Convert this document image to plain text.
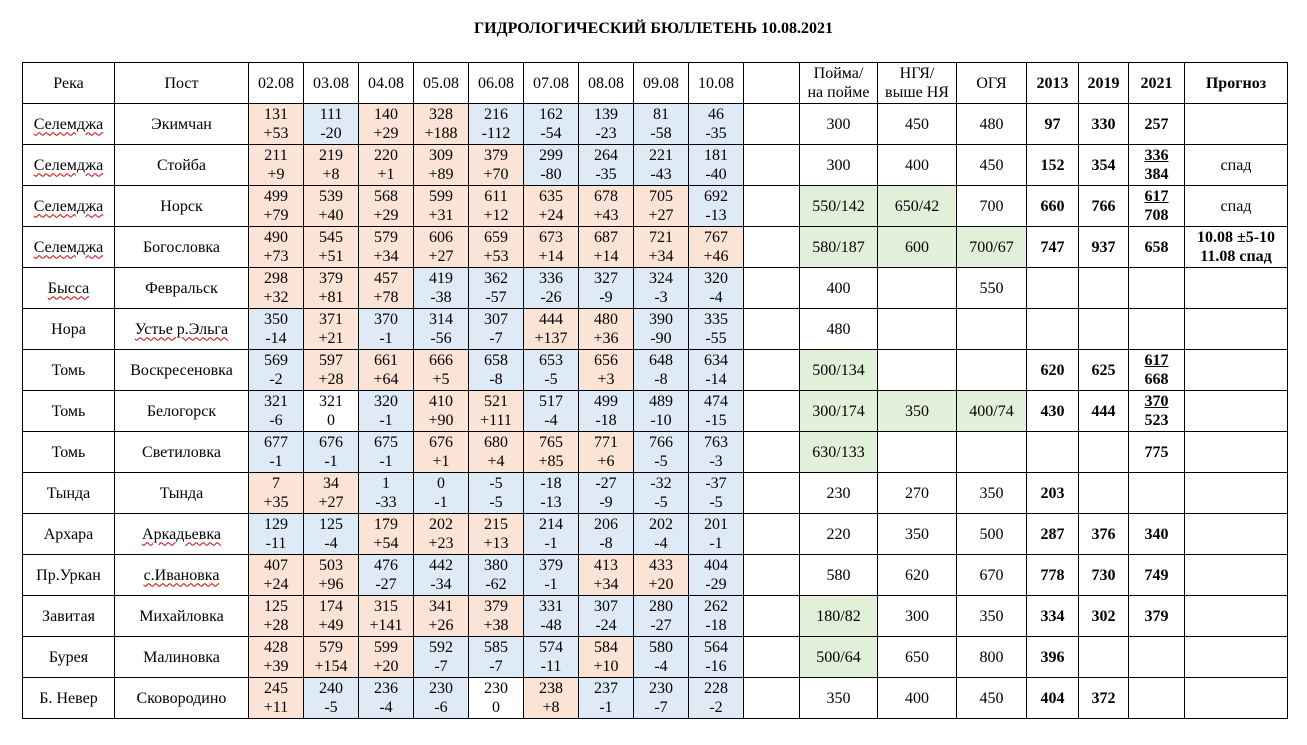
ГИДРОЛОГИЧЕСКИЙ БЮЛЛЕТЕНЬ 10.08.2021
Река	Пост	02.08	03.08	04.08	05.08	06.08	07.08	08.08	09.08	10.08		Пойма/
на пойме	НГЯ/
выше НЯ	ОГЯ	2013	2019	2021	Прогноз
Селемджа	Экимчан	131
+53	111
-20	140
+29	328
+188	216
-112	162
-54	139
-23	81
-58	46
-35		300	450	480	97	330	257	

Селемджа	Стойба	211
+9	219
+8	220
+1	309
+89	379
+70	299
-80	264
-35	221
-43	181
-40		300	400	450	152	354	336
384	спад

Селемджа	Норск	499
+79	539
+40	568
+29	599
+31	611
+12	635
+24	678
+43	705
+27	692
-13		550/142	650/42	700	660	766	617
708	спад

Селемджа	Богословка	490
+73	545
+51	579
+34	606
+27	659
+53	673
+14	687
+14	721
+34	767
+46		580/187	600	700/67	747	937	658	10.08 ±5-10
11.08 спад

Бысса	Февральск	298
+32	379
+81	457
+78	419
-38	362
-57	336
-26	327
-9	324
-3	320
-4		400		550				
Нора	Устье р.Эльга	350
-14	371
+21	370
-1	314
-56	307
-7	444
+137	480
+36	390
-90	335
-55		480						
Томь	Воскресеновка	569
-2	597
+28	661
+64	666
+5	658
-8	653
-5	656
+3	648
-8	634
-14		500/134			620	625	617
668	

Томь	Белогорск	321
-6	321
0	320
-1	410
+90	521
+111	517
-4	499
-18	489
-10	474
-15		300/174	350	400/74	430	444	370
523	

Томь	Светиловка	677
-1	676
-1	675
-1	676
+1	680
+4	765
+85	771
+6	766
-5	763
-3		630/133					775	

Тында	Тында	7
+35	34
+27	1
-33	0
-1	-5
-5	-18
-13	-27
-9	-32
-5	-37
-5		230	270	350	203			
Архара	Аркадьевка	129
-11	125
-4	179
+54	202
+23	215
+13	214
-1	206
-8	202
-4	201
-1		220	350	500	287	376	340	

Пр.Уркан	с.Ивановка	407
+24	503
+96	476
-27	442
-34	380
-62	379
-1	413
+34	433
+20	404
-29		580	620	670	778	730	749	

Завитая	Михайловка	125
+28	174
+49	315
+141	341
+26	379
+38	331
-48	307
-24	280
-27	262
-18		180/82	300	350	334	302	379	

Бурея	Малиновка	428
+39	579
+154	599
+20	592
-7	585
-7	574
-11	584
+10	580
-4	564
-16		500/64	650	800	396			
Б. Невер	Сковородино	245
+11	240
-5	236
-4	230
-6	230
0	238
+8	237
-1	230
-7	228
-2		350	400	450	404	372		
